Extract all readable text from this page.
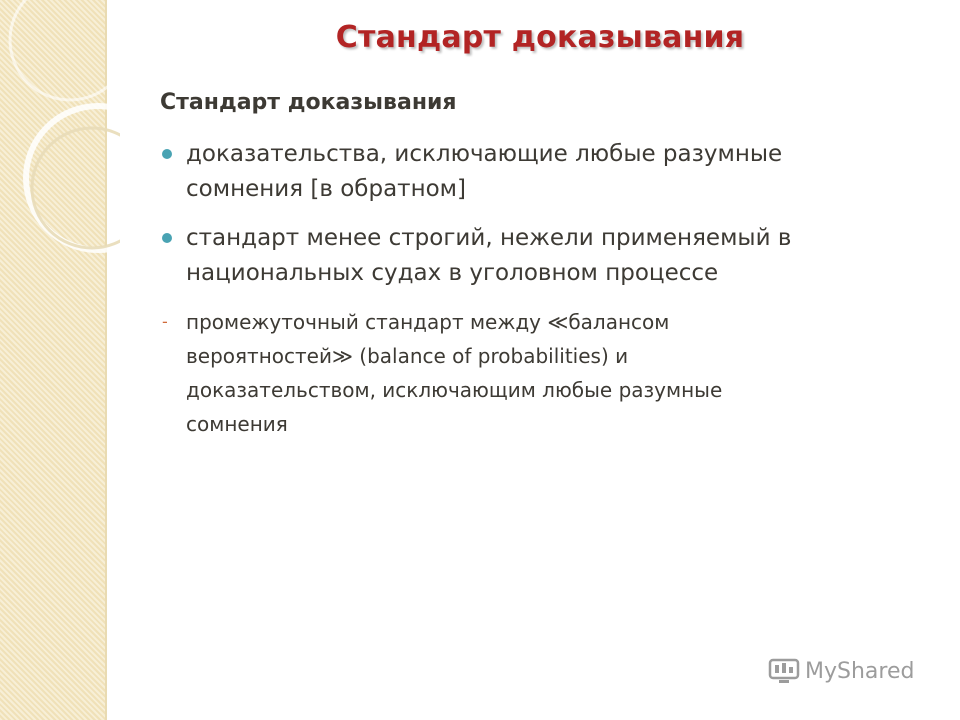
Стандарт доказывания
Стандарт доказывания
доказательства, исключающие любые разумные
сомнения [в обратном]
стандарт менее строгий, нежели применяемый в
национальных судах в уголовном процессе
- промежуточный стандарт между ≪балансом
вероятностей≫ (balance of probabilities) и
доказательством, исключающим любые разумные
сомнения
MyShared
